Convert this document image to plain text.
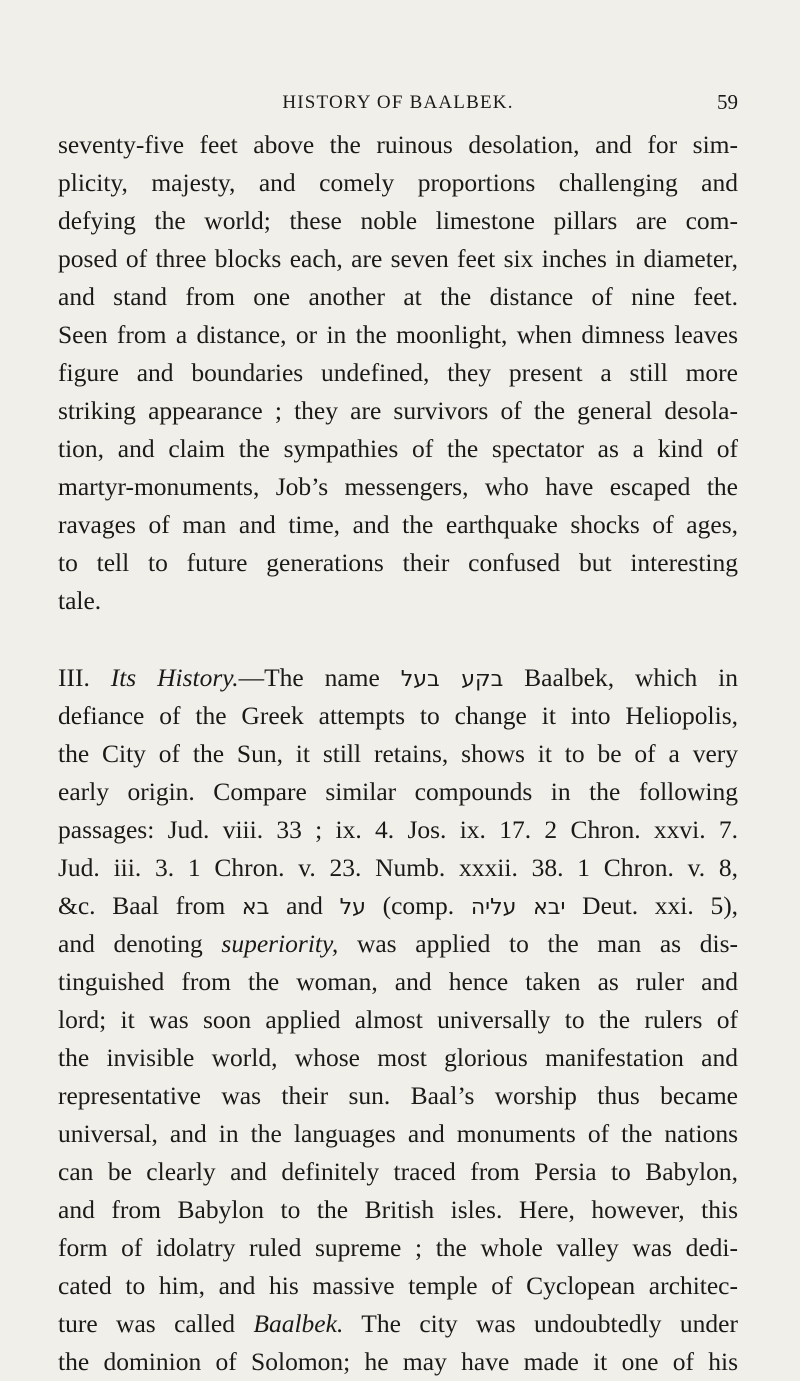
HISTORY OF BAALBEK.	59
seventy-five feet above the ruinous desolation, and for sim-
plicity, majesty, and comely proportions challenging and
defying the world; these noble limestone pillars are com-
posed of three blocks each, are seven feet six inches in diameter,
and stand from one another at the distance of nine feet.
Seen from a distance, or in the moonlight, when dimness leaves
figure and boundaries undefined, they present a still more
striking appearance ; they are survivors of the general desola-
tion, and claim the sympathies of the spectator as a kind of
martyr-monuments, Job’s messengers, who have escaped the
ravages of man and time, and the earthquake shocks of ages,
to tell to future generations their confused but interesting
tale.
III. Its History.—The name בקע בעל Baalbek, which in
defiance of the Greek attempts to change it into Heliopolis,
the City of the Sun, it still retains, shows it to be of a very
early origin. Compare similar compounds in the following
passages: Jud. viii. 33 ; ix. 4. Jos. ix. 17. 2 Chron. xxvi. 7.
Jud. iii. 3. 1 Chron. v. 23. Numb. xxxii. 38. 1 Chron. v. 8,
&c. Baal from בא and על (comp. עליה יבא Deut. xxi. 5),
and denoting superiority, was applied to the man as dis-
tinguished from the woman, and hence taken as ruler and
lord; it was soon applied almost universally to the rulers of
the invisible world, whose most glorious manifestation and
representative was their sun. Baal’s worship thus became
universal, and in the languages and monuments of the nations
can be clearly and definitely traced from Persia to Babylon,
and from Babylon to the British isles. Here, however, this
form of idolatry ruled supreme ; the whole valley was dedi-
cated to him, and his massive temple of Cyclopean architec-
ture was called Baalbek. The city was undoubtedly under
the dominion of Solomon; he may have made it one of his
